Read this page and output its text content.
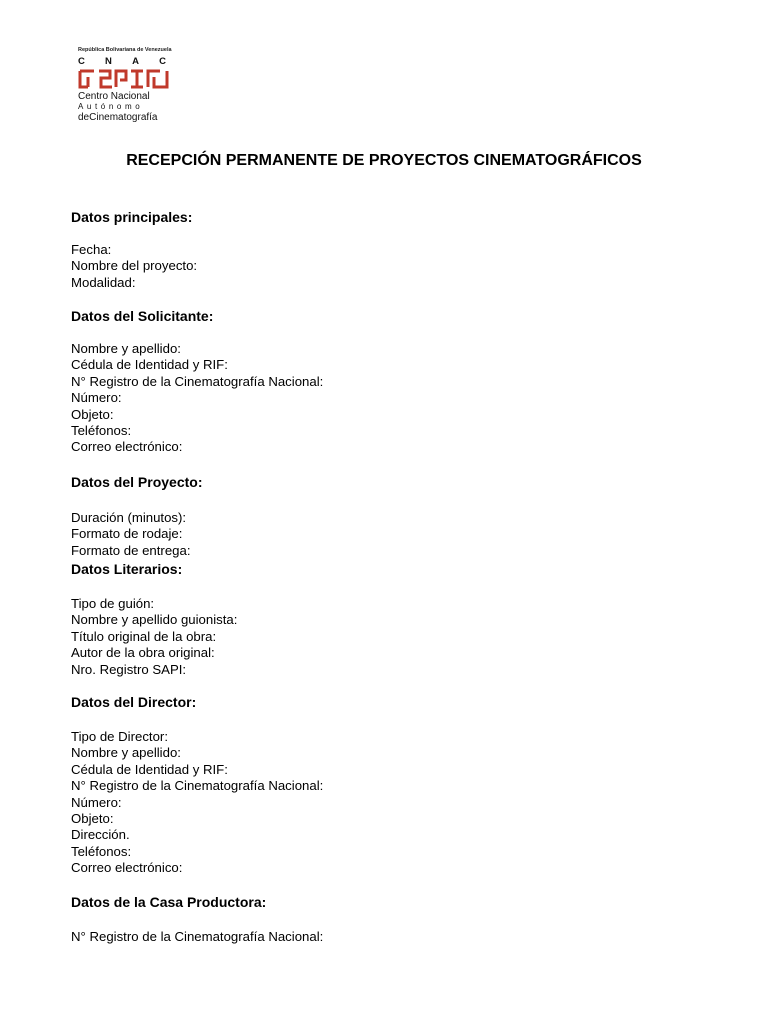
República Bolivariana de Venezuela
C N A C
Centro Nacional
Autónomo
deCinematografía
RECEPCIÓN PERMANENTE DE PROYECTOS CINEMATOGRÁFICOS
Datos principales:
Fecha:
Nombre del proyecto:
Modalidad:
Datos del Solicitante:
Nombre y apellido:
Cédula de Identidad y RIF:
N° Registro de la Cinematografía Nacional:
Número:
Objeto:
Teléfonos:
Correo electrónico:
Datos del Proyecto:
Duración (minutos):
Formato de rodaje:
Formato de entrega:
Datos Literarios:
Tipo de guión:
Nombre y apellido guionista:
Título original de la obra:
Autor de la obra original:
Nro. Registro SAPI:
Datos del Director:
Tipo de Director:
Nombre y apellido:
Cédula de Identidad y RIF:
N° Registro de la Cinematografía Nacional:
Número:
Objeto:
Dirección.
Teléfonos:
Correo electrónico:
Datos de la Casa Productora:
N° Registro de la Cinematografía Nacional:
